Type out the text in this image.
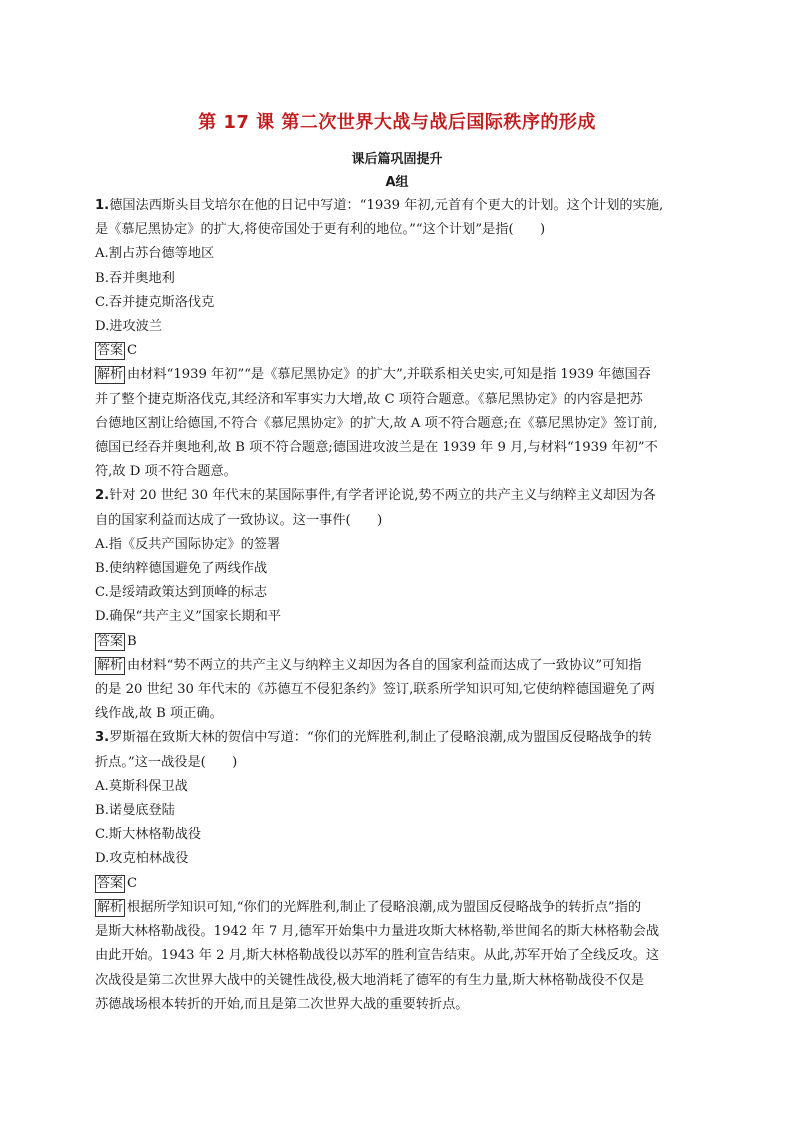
第 17 课 第二次世界大战与战后国际秩序的形成
课后篇巩固提升
A组
1.德国法西斯头目戈培尔在他的日记中写道：“1939 年初,元首有个更大的计划。这个计划的实施,
是《慕尼黑协定》的扩大,将使帝国处于更有利的地位。”“这个计划”是指(　　)
A.割占苏台德等地区
B.吞并奥地利
C.吞并捷克斯洛伐克
D.进攻波兰
答案 C
解析 由材料“1939 年初”“是《慕尼黑协定》的扩大”,并联系相关史实,可知是指 1939 年德国吞
并了整个捷克斯洛伐克,其经济和军事实力大增,故 C 项符合题意。《慕尼黑协定》的内容是把苏
台德地区割让给德国,不符合《慕尼黑协定》的扩大,故 A 项不符合题意;在《慕尼黑协定》签订前,
德国已经吞并奥地利,故 B 项不符合题意;德国进攻波兰是在 1939 年 9 月,与材料“1939 年初”不
符,故 D 项不符合题意。
2.针对 20 世纪 30 年代末的某国际事件,有学者评论说,势不两立的共产主义与纳粹主义却因为各
自的国家利益而达成了一致协议。这一事件(　　)
A.指《反共产国际协定》的签署
B.使纳粹德国避免了两线作战
C.是绥靖政策达到顶峰的标志
D.确保“共产主义”国家长期和平
答案 B
解析 由材料“势不两立的共产主义与纳粹主义却因为各自的国家利益而达成了一致协议”可知指
的是 20 世纪 30 年代末的《苏德互不侵犯条约》签订,联系所学知识可知,它使纳粹德国避免了两
线作战,故 B 项正确。
3.罗斯福在致斯大林的贺信中写道：“你们的光辉胜利,制止了侵略浪潮,成为盟国反侵略战争的转
折点。”这一战役是(　　)
A.莫斯科保卫战
B.诺曼底登陆
C.斯大林格勒战役
D.攻克柏林战役
答案 C
解析 根据所学知识可知,“你们的光辉胜利,制止了侵略浪潮,成为盟国反侵略战争的转折点”指的
是斯大林格勒战役。1942 年 7 月,德军开始集中力量进攻斯大林格勒,举世闻名的斯大林格勒会战
由此开始。1943 年 2 月,斯大林格勒战役以苏军的胜利宣告结束。从此,苏军开始了全线反攻。这
次战役是第二次世界大战中的关键性战役,极大地消耗了德军的有生力量,斯大林格勒战役不仅是
苏德战场根本转折的开始,而且是第二次世界大战的重要转折点。
